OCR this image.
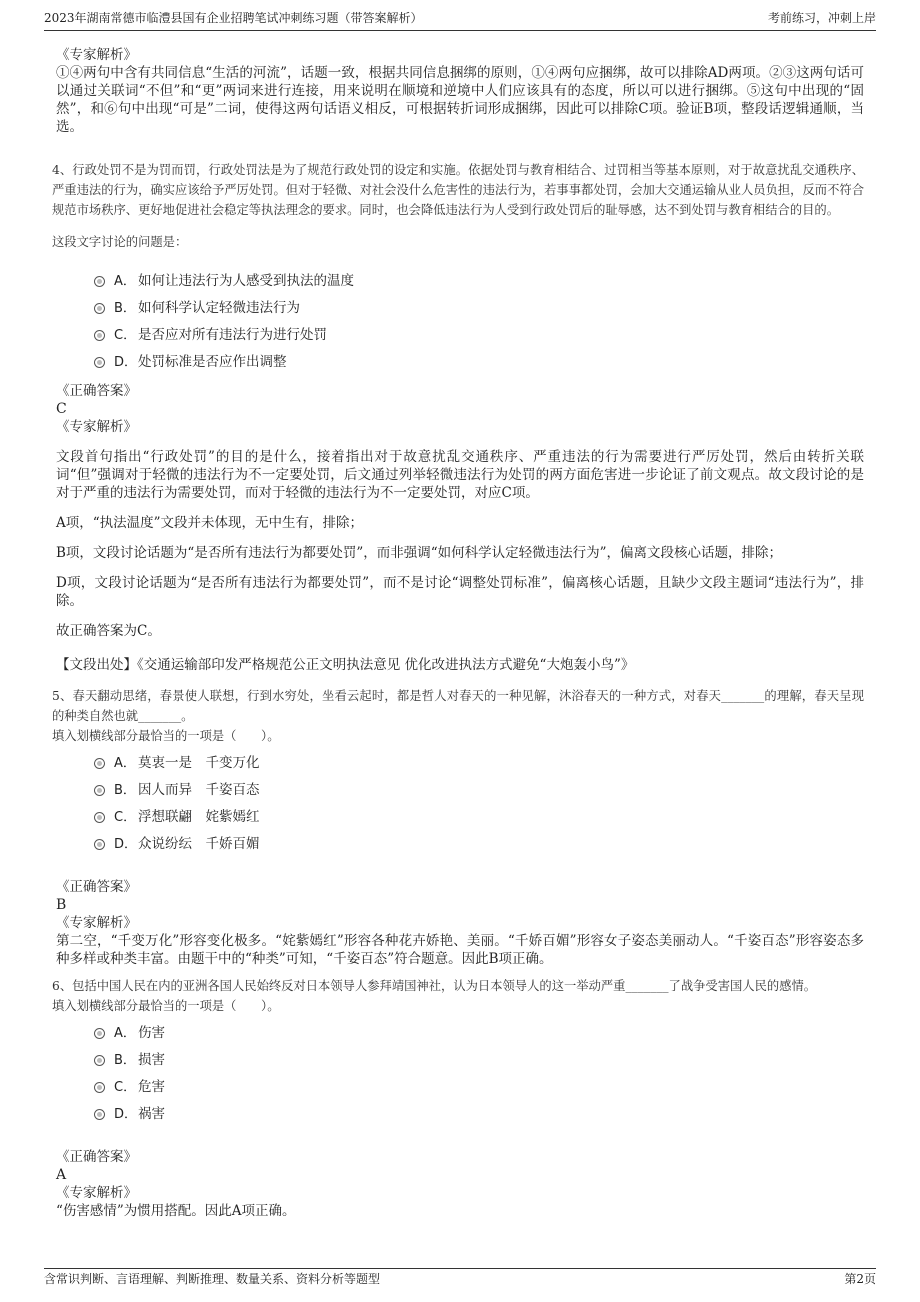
2023年湖南常德市临澧县国有企业招聘笔试冲刺练习题（带答案解析）	考前练习，冲刺上岸
《专家解析》

①④两句中含有共同信息“生活的河流”，话题一致，根据共同信息捆绑的原则，①④两句应捆绑，故可以排除AD两项。②③这两句话可以通过关联词“不但”和“更”两词来进行连接，用来说明在顺境和逆境中人们应该具有的态度，所以可以进行捆绑。⑤这句中出现的“固然”，和⑥句中出现“可是”二词，使得这两句话语义相反，可根据转折词形成捆绑，因此可以排除C项。验证B项，整段话逻辑通顺，当选。

4、行政处罚不是为罚而罚，行政处罚法是为了规范行政处罚的设定和实施。依据处罚与教育相结合、过罚相当等基本原则，对于故意扰乱交通秩序、严重违法的行为，确实应该给予严厉处罚。但对于轻微、对社会没什么危害性的违法行为，若事事都处罚，会加大交通运输从业人员负担，反而不符合规范市场秩序、更好地促进社会稳定等执法理念的要求。同时，也会降低违法行为人受到行政处罚后的耻辱感，达不到处罚与教育相结合的目的。

这段文字讨论的问题是：

A． 如何让违法行为人感受到执法的温度
B． 如何科学认定轻微违法行为
C． 是否应对所有违法行为进行处罚
D．处罚标准是否应作出调整
《正确答案》
C
《专家解析》

文段首句指出“行政处罚”的目的是什么，接着指出对于故意扰乱交通秩序、严重违法的行为需要进行严厉处罚，然后由转折关联词“但”强调对于轻微的违法行为不一定要处罚，后文通过列举轻微违法行为处罚的两方面危害进一步论证了前文观点。故文段讨论的是对于严重的违法行为需要处罚，而对于轻微的违法行为不一定要处罚，对应C项。

A项，“执法温度”文段并未体现，无中生有，排除；

B项，文段讨论话题为“是否所有违法行为都要处罚”，而非强调“如何科学认定轻微违法行为”，偏离文段核心话题，排除；

D项，文段讨论话题为“是否所有违法行为都要处罚”，而不是讨论“调整处罚标准”，偏离核心话题，且缺少文段主题词“违法行为”，排除。

故正确答案为C。

【文段出处】《交通运输部印发严格规范公正文明执法意见 优化改进执法方式避免“大炮轰小鸟”》

5、春天翻动思绪，春景使人联想，行到水穷处，坐看云起时，都是哲人对春天的一种见解，沐浴春天的一种方式，对春天_______的理解，春天呈现的种类自然也就_______。

填入划横线部分最恰当的一项是（　　）。

A． 莫衷一是　千变万化
B． 因人而异　千姿百态
C． 浮想联翩　姹紫嫣红
D．众说纷纭　千娇百媚
《正确答案》
B
《专家解析》

第二空，“千变万化”形容变化极多。“姹紫嫣红”形容各种花卉娇艳、美丽。“千娇百媚”形容女子姿态美丽动人。“千姿百态”形容姿态多种多样或种类丰富。由题干中的“种类”可知，“千姿百态”符合题意。因此B项正确。

6、包括中国人民在内的亚洲各国人民始终反对日本领导人参拜靖国神社，认为日本领导人的这一举动严重_______了战争受害国人民的感情。

填入划横线部分最恰当的一项是（　　）。

A． 伤害
B． 损害
C． 危害
D．祸害
《正确答案》
A
《专家解析》

“伤害感情”为惯用搭配。因此A项正确。

含常识判断、言语理解、判断推理、数量关系、资料分析等题型	第2页
